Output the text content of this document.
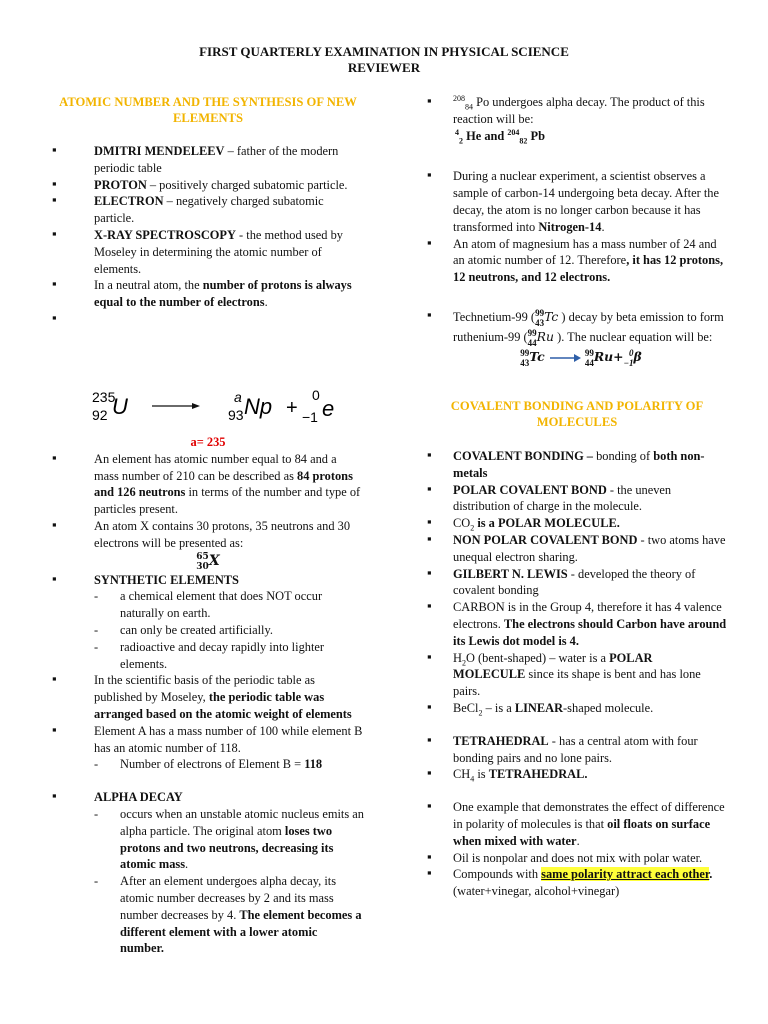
FIRST QUARTERLY EXAMINATION IN PHYSICAL SCIENCE
REVIEWER
ATOMIC NUMBER AND THE SYNTHESIS OF NEW ELEMENTS
▪ DMITRI MENDELEEV – father of the modern periodic table
▪ PROTON – positively charged subatomic particle.
▪ ELECTRON – negatively charged subatomic particle.
▪ X-RAY SPECTROSCOPY - the method used by Moseley in determining the atomic number of elements.
▪ In a neutral atom, the number of protons is always equal to the number of electrons.
▪
235
92 U	a
93 Np +
0
−1 e
a= 235
▪ An element has atomic number equal to 84 and a mass number of 210 can be described as 84 protons and 126 neutrons in terms of the number and type of particles present.
▪ An atom X contains 30 protons, 35 neutrons and 30 electrons will be presented as:
65
30 X
▪ SYNTHETIC ELEMENTS
- a chemical element that does NOT occur naturally on earth.
- can only be created artificially.
- radioactive and decay rapidly into lighter elements.
▪ In the scientific basis of the periodic table as published by Moseley, the periodic table was arranged based on the atomic weight of elements
▪ Element A has a mass number of 100 while element B has an atomic number of 118.
- Number of electrons of Element B = 118
▪ ALPHA DECAY
- occurs when an unstable atomic nucleus emits an alpha particle. The original atom loses two protons and two neutrons, decreasing its atomic mass.
- After an element undergoes alpha decay, its atomic number decreases by 2 and its mass number decreases by 4. The element becomes a different element with a lower atomic number.
▪ $^{208}_{84}$ Po undergoes alpha decay. The product of this reaction will be:
$^4_2$ He and $^{204}_{82}$ Pb
▪ During a nuclear experiment, a scientist observes a sample of carbon-14 undergoing beta decay. After the decay, the atom is no longer carbon because it has transformed into Nitrogen-14.
▪ An atom of magnesium has a mass number of 24 and an atomic number of 12. Therefore, it has 12 protons, 12 neutrons, and 12 electrons.
▪ Technetium-99 ( 99
43 Tc ) decay by beta emission to form ruthenium-99 ( 99
44 Ru ). The nuclear equation will be:
99
43 Tc	99
44 Ru+ 0
−1 β
COVALENT BONDING AND POLARITY OF MOLECULES
▪ COVALENT BONDING – bonding of both non-metals
▪ POLAR COVALENT BOND - the uneven distribution of charge in the molecule.
▪ $CO_2$ is a POLAR MOLECULE.
▪ NON POLAR COVALENT BOND - two atoms have unequal electron sharing.
▪ GILBERT N. LEWIS - developed the theory of covalent bonding
▪ CARBON is in the Group 4, therefore it has 4 valence electrons. The electrons should Carbon have around its Lewis dot model is 4.
▪ $H_2O$ (bent-shaped) – water is a POLAR MOLECULE since its shape is bent and has lone pairs.
▪ BeCl$_2$ – is a LINEAR-shaped molecule.
▪ TETRAHEDRAL - has a central atom with four bonding pairs and no lone pairs.
▪ $CH_4$ is TETRAHEDRAL.
▪ One example that demonstrates the effect of difference in polarity of molecules is that oil floats on surface when mixed with water.
▪ Oil is nonpolar and does not mix with polar water.
▪ Compounds with same polarity attract each other. (water+vinegar, alcohol+vinegar)
